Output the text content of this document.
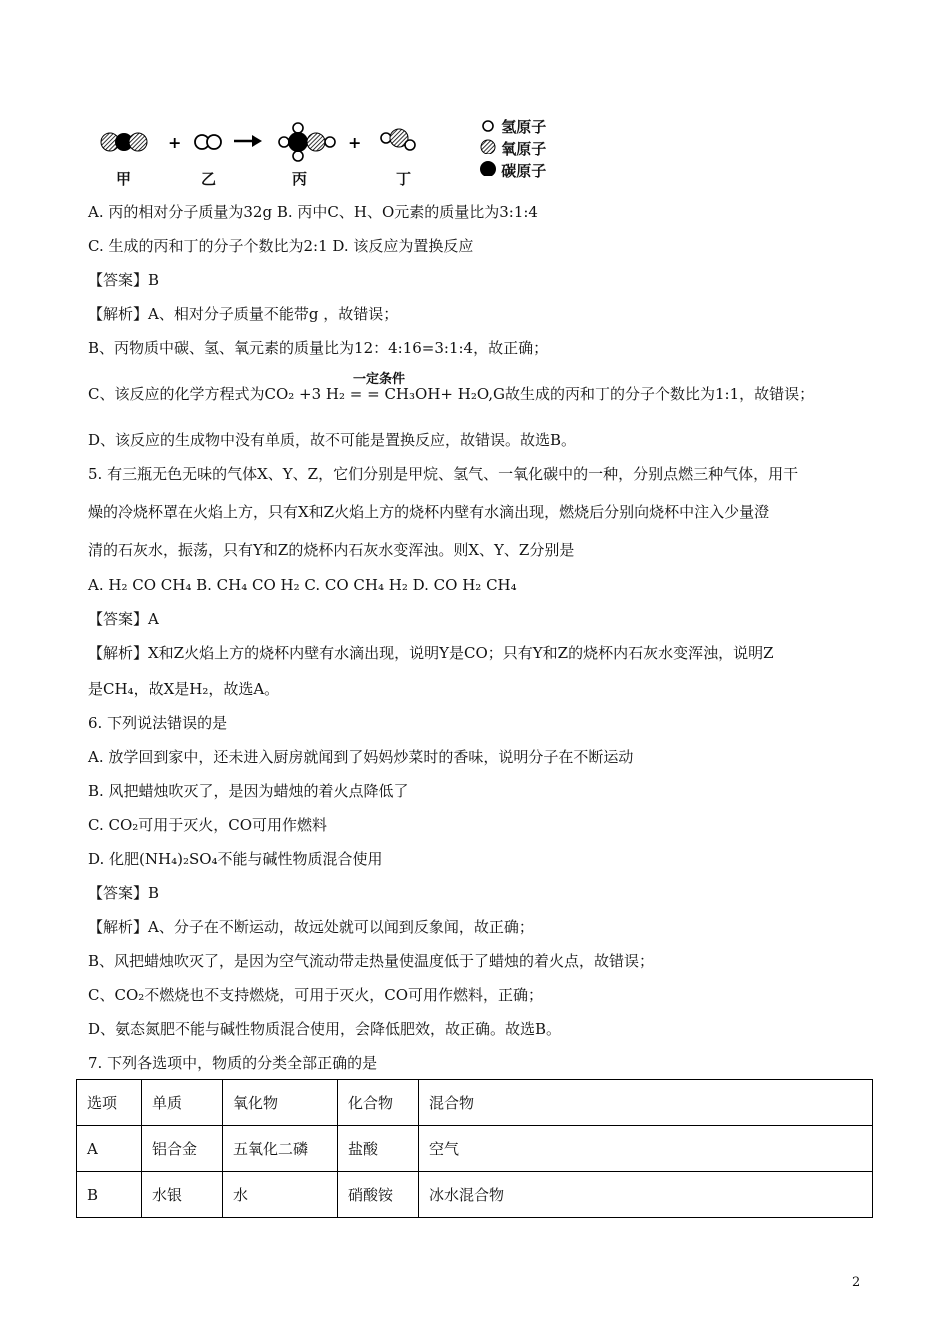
+	+
甲	乙	丙	丁
氢原子
氧原子
碳原子
A. 丙的相对分子质量为32g B. 丙中C、H、O元素的质量比为3:1:4
C. 生成的丙和丁的分子个数比为2:1 D. 该反应为置换反应
【答案】B
【解析】A、相对分子质量不能带g ，故错误；
B、丙物质中碳、氢、氧元素的质量比为12：4:16=3:1:4，故正确；
一定条件
C、该反应的化学方程式为CO₂ +3 H₂ = = CH₃OH+ H₂O,G故生成的丙和丁的分子个数比为1:1，故错误；
D、该反应的生成物中没有单质，故不可能是置换反应，故错误。故选B。
5. 有三瓶无色无味的气体X、Y、Z，它们分别是甲烷、氢气、一氧化碳中的一种，分别点燃三种气体，用干
燥的冷烧杯罩在火焰上方，只有X和Z火焰上方的烧杯内壁有水滴出现，燃烧后分别向烧杯中注入少量澄
清的石灰水，振荡，只有Y和Z的烧杯内石灰水变浑浊。则X、Y、Z分别是
A. H₂ CO CH₄ B. CH₄ CO H₂ C. CO CH₄ H₂ D. CO H₂ CH₄
【答案】A
【解析】X和Z火焰上方的烧杯内壁有水滴出现，说明Y是CO；只有Y和Z的烧杯内石灰水变浑浊，说明Z
是CH₄，故X是H₂，故选A。
6. 下列说法错误的是
A. 放学回到家中，还未进入厨房就闻到了妈妈炒菜时的香味，说明分子在不断运动
B. 风把蜡烛吹灭了，是因为蜡烛的着火点降低了
C. CO₂可用于灭火，CO可用作燃料
D. 化肥(NH₄)₂SO₄不能与碱性物质混合使用
【答案】B
【解析】A、分子在不断运动，故远处就可以闻到反象闻，故正确；
B、风把蜡烛吹灭了，是因为空气流动带走热量使温度低于了蜡烛的着火点，故错误；
C、CO₂不燃烧也不支持燃烧，可用于灭火，CO可用作燃料，正确；
D、氨态氮肥不能与碱性物质混合使用，会降低肥效，故正确。故选B。
7. 下列各选项中，物质的分类全部正确的是
选项	单质	氧化物	化合物	混合物
A	铝合金	五氧化二磷	盐酸	空气
B	水银	水	硝酸铵	冰水混合物
2
